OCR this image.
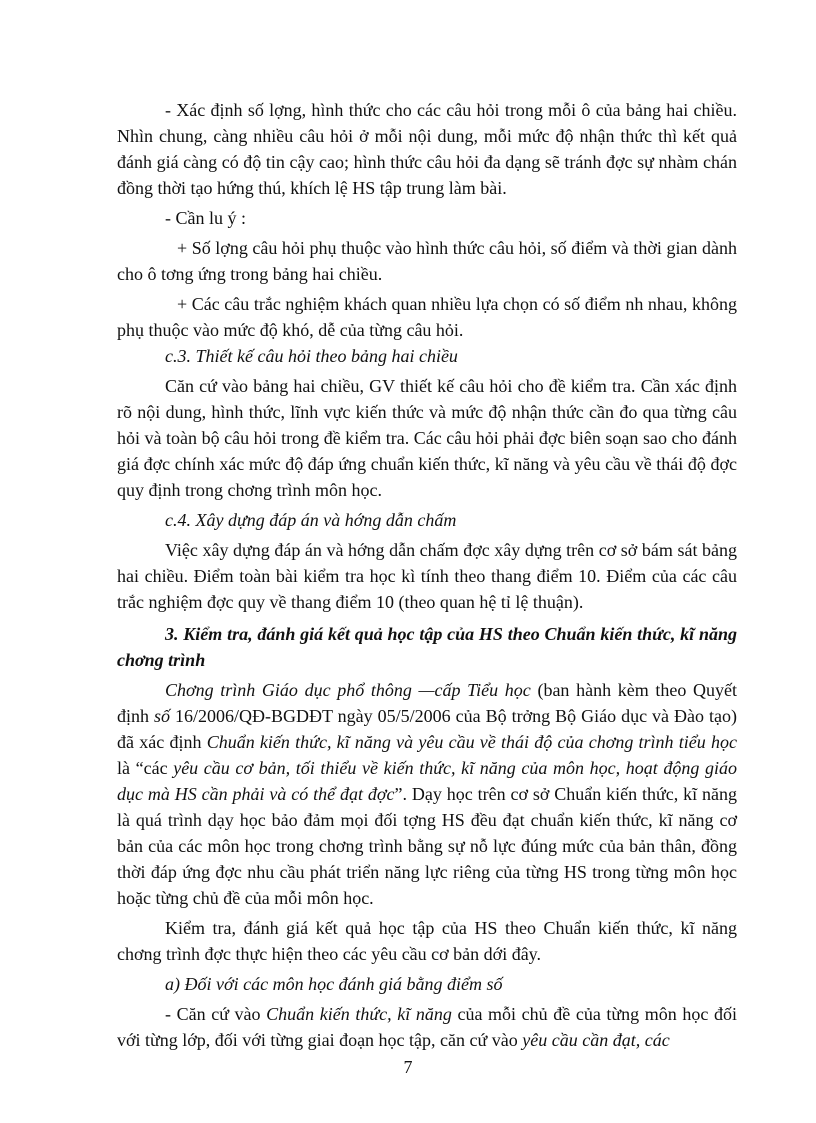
- Xác định số lợng, hình thức cho các câu hỏi trong mỗi ô của bảng hai chiều. Nhìn chung, càng nhiều câu hỏi ở mỗi nội dung, mỗi mức độ nhận thức thì kết quả đánh giá càng có độ tin cậy cao; hình thức câu hỏi đa dạng sẽ tránh đợc sự nhàm chán đồng thời tạo hứng thú, khích lệ HS tập trung làm bài.

- Cần lu ý :

+ Số lợng câu hỏi phụ thuộc vào hình thức câu hỏi, số điểm và thời gian dành cho ô tơng ứng trong bảng hai chiều.

+ Các câu trắc nghiệm khách quan nhiều lựa chọn có số điểm nh nhau, không phụ thuộc vào mức độ khó, dễ của từng câu hỏi.

c.3. Thiết kế câu hỏi theo bảng hai chiều

Căn cứ vào bảng hai chiều, GV thiết kế câu hỏi cho đề kiểm tra. Cần xác định rõ nội dung, hình thức, lĩnh vực kiến thức và mức độ nhận thức cần đo qua từng câu hỏi và toàn bộ câu hỏi trong đề kiểm tra. Các câu hỏi phải đợc biên soạn sao cho đánh giá đợc chính xác mức độ đáp ứng chuẩn kiến thức, kĩ năng và yêu cầu về thái độ đợc quy định trong chơng trình môn học.

c.4. Xây dựng đáp án và hớng dẫn chấm

Việc xây dựng đáp án và hớng dẫn chấm đợc xây dựng trên cơ sở bám sát bảng hai chiều. Điểm toàn bài kiểm tra học kì tính theo thang điểm 10. Điểm của các câu trắc nghiệm đợc quy về thang điểm 10 (theo quan hệ tỉ lệ thuận).

3. Kiểm tra, đánh giá kết quả học tập của HS theo Chuẩn kiến thức, kĩ năng chơng trình

Chơng trình Giáo dục phổ thông —cấp Tiểu học (ban hành kèm theo Quyết định số 16/2006/QĐ-BGDĐT ngày 05/5/2006 của Bộ trởng Bộ Giáo dục và Đào tạo) đã xác định Chuẩn kiến thức, kĩ năng và yêu cầu về thái độ của chơng trình tiểu học là “các yêu cầu cơ bản, tối thiểu về kiến thức, kĩ năng của môn học, hoạt động giáo dục mà HS cần phải và có thể đạt đợc”. Dạy học trên cơ sở Chuẩn kiến thức, kĩ năng là quá trình dạy học bảo đảm mọi đối tợng HS đều đạt chuẩn kiến thức, kĩ năng cơ bản của các môn học trong chơng trình bằng sự nỗ lực đúng mức của bản thân, đồng thời đáp ứng đợc nhu cầu phát triển năng lực riêng của từng HS trong từng môn học hoặc từng chủ đề của mỗi môn học.

Kiểm tra, đánh giá kết quả học tập của HS theo Chuẩn kiến thức, kĩ năng chơng trình đợc thực hiện theo các yêu cầu cơ bản dới đây.

a) Đối với các môn học đánh giá bằng điểm số

- Căn cứ vào Chuẩn kiến thức, kĩ năng của mỗi chủ đề của từng môn học đối với từng lớp, đối với từng giai đoạn học tập, căn cứ vào yêu cầu cần đạt, các

7
